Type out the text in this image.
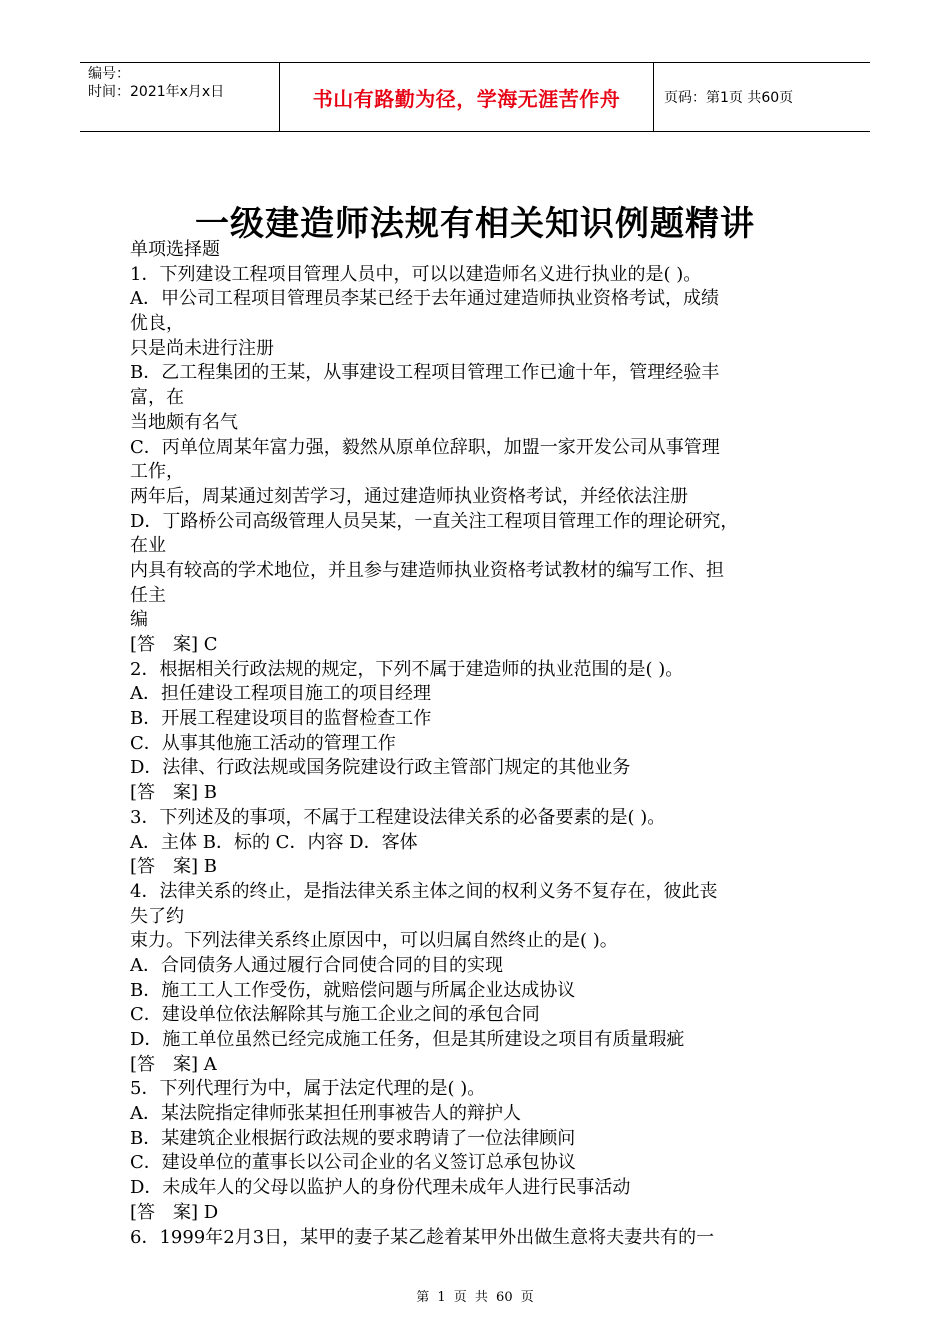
编号：
时间：2021年x月x日	书山有路勤为径，学海无涯苦作舟	页码：第1页 共60页
一级建造师法规有相关知识例题精讲
单项选择题
1．下列建设工程项目管理人员中，可以以建造师名义进行执业的是( )。
A．甲公司工程项目管理员李某已经于去年通过建造师执业资格考试，成绩
优良，
只是尚未进行注册
B．乙工程集团的王某，从事建设工程项目管理工作已逾十年，管理经验丰
富，在
当地颇有名气
C．丙单位周某年富力强，毅然从原单位辞职，加盟一家开发公司从事管理
工作，
两年后，周某通过刻苦学习，通过建造师执业资格考试，并经依法注册
D．丁路桥公司高级管理人员吴某，一直关注工程项目管理工作的理论研究，
在业
内具有较高的学术地位，并且参与建造师执业资格考试教材的编写工作、担
任主
编
[答　案] C
2．根据相关行政法规的规定，下列不属于建造师的执业范围的是( )。
A．担任建设工程项目施工的项目经理
B．开展工程建设项目的监督检查工作
C．从事其他施工活动的管理工作
D．法律、行政法规或国务院建设行政主管部门规定的其他业务
[答　案] B
3．下列述及的事项，不属于工程建设法律关系的必备要素的是( )。
A．主体 B．标的 C．内容 D．客体
[答　案] B
4．法律关系的终止，是指法律关系主体之间的权利义务不复存在，彼此丧
失了约
束力。下列法律关系终止原因中，可以归属自然终止的是( )。
A．合同债务人通过履行合同使合同的目的实现
B．施工工人工作受伤，就赔偿问题与所属企业达成协议
C．建设单位依法解除其与施工企业之间的承包合同
D．施工单位虽然已经完成施工任务，但是其所建设之项目有质量瑕疵
[答　案] A
5．下列代理行为中，属于法定代理的是( )。
A．某法院指定律师张某担任刑事被告人的辩护人
B．某建筑企业根据行政法规的要求聘请了一位法律顾问
C．建设单位的董事长以公司企业的名义签订总承包协议
D．未成年人的父母以监护人的身份代理未成年人进行民事活动
[答　案] D
6．1999年2月3日，某甲的妻子某乙趁着某甲外出做生意将夫妻共有的一
第 1 页 共 60 页
